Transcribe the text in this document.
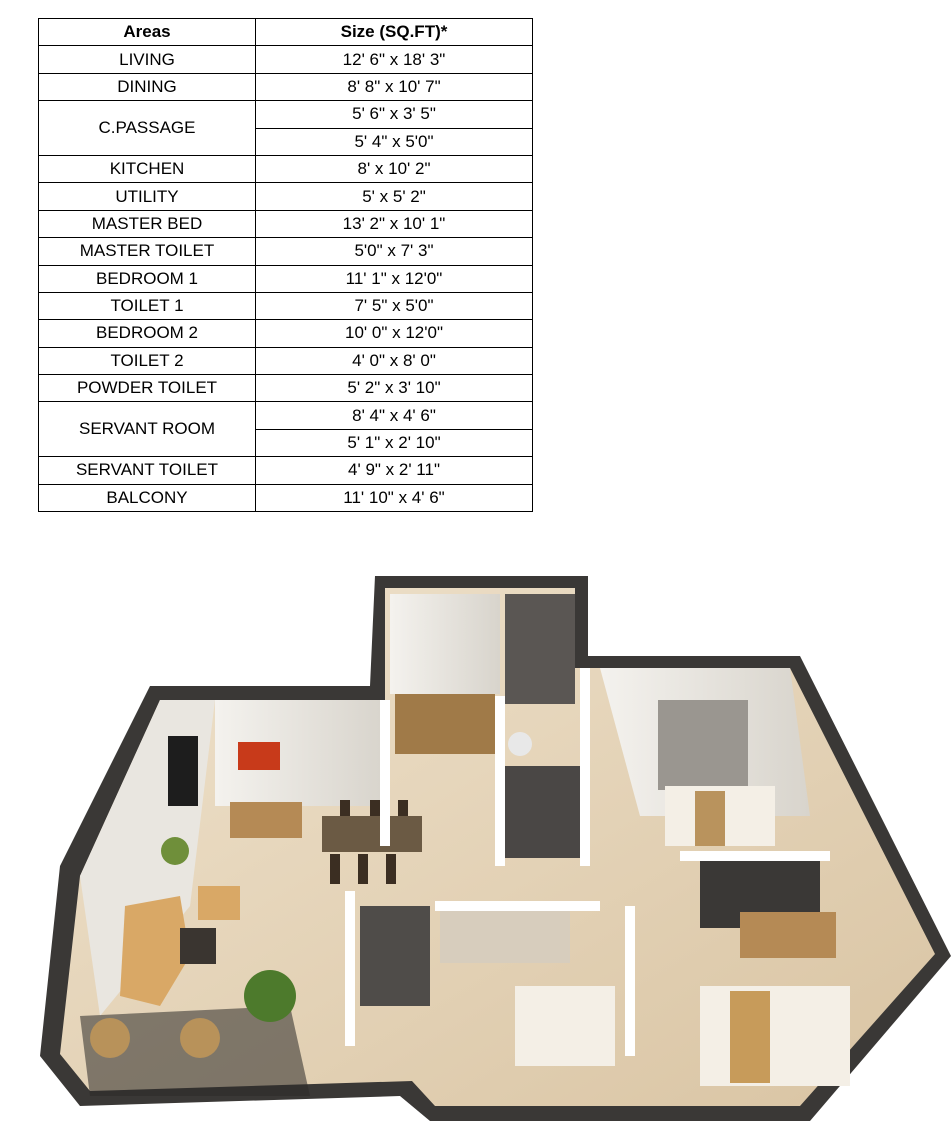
Areas	Size (SQ.FT)*
LIVING	12' 6" x 18' 3"
DINING	8' 8" x 10' 7"
C.PASSAGE	5' 6" x 3' 5"
	5' 4" x 5'0"
KITCHEN	8' x 10' 2"
UTILITY	5' x 5' 2"
MASTER BED	13' 2" x 10' 1"
MASTER TOILET	5'0" x 7' 3"
BEDROOM 1	11' 1" x 12'0"
TOILET 1	7' 5" x 5'0"
BEDROOM 2	10' 0" x 12'0"
TOILET 2	4' 0" x 8' 0"
POWDER TOILET	5' 2" x 3' 10"
SERVANT ROOM	8' 4" x 4' 6"
	5' 1" x 2' 10"
SERVANT TOILET	4' 9" x 2' 11"
BALCONY	11' 10" x 4' 6"
